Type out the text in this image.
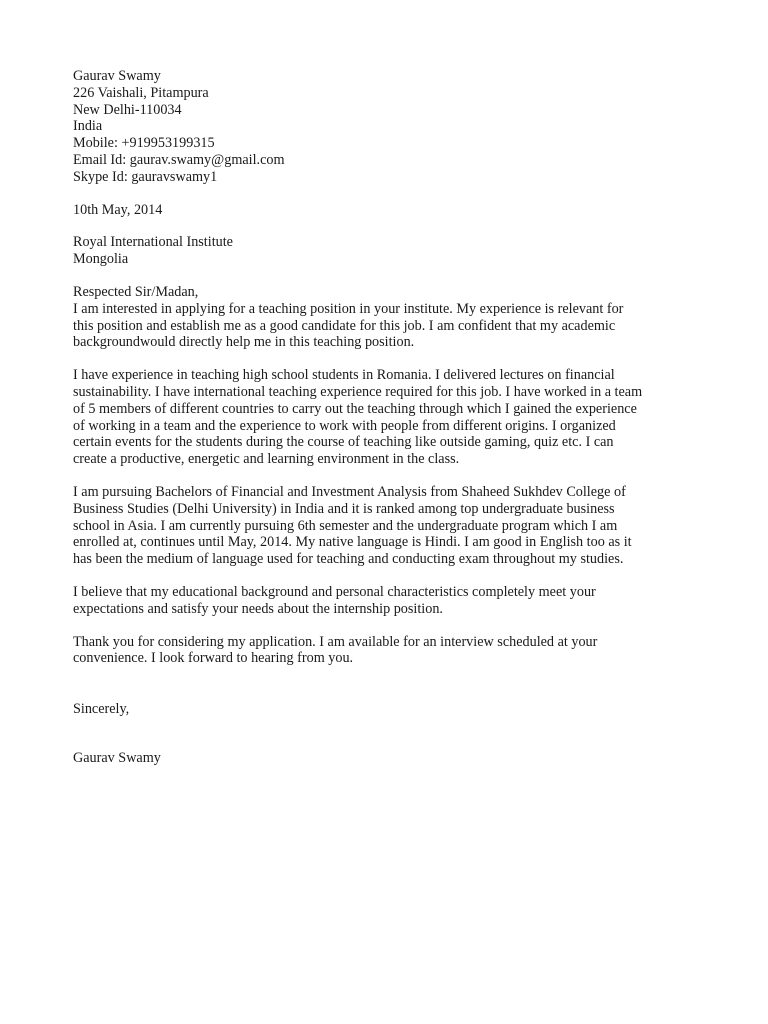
Gaurav Swamy
226 Vaishali, Pitampura
New Delhi-110034
India
Mobile: +919953199315
Email Id: gaurav.swamy@gmail.com
Skype Id: gauravswamy1
10th May, 2014
Royal International Institute
Mongolia
Respected Sir/Madan,
I am interested in applying for a teaching position in your institute. My experience is relevant for
this position and establish me as a good candidate for this job. I am confident that my academic
backgroundwould directly help me in this teaching position.
I have experience in teaching high school students in Romania. I delivered lectures on financial
sustainability. I have international teaching experience required for this job. I have worked in a team
of 5 members of different countries to carry out the teaching through which I gained the experience
of working in a team and the experience to work with people from different origins. I organized
certain events for the students during the course of teaching like outside gaming, quiz etc. I can
create a productive, energetic and learning environment in the class.
I am pursuing Bachelors of Financial and Investment Analysis from Shaheed Sukhdev College of
Business Studies (Delhi University) in India and it is ranked among top undergraduate business
school in Asia. I am currently pursuing 6th semester and the undergraduate program which I am
enrolled at, continues until May, 2014. My native language is Hindi. I am good in English too as it
has been the medium of language used for teaching and conducting exam throughout my studies.
I believe that my educational background and personal characteristics completely meet your
expectations and satisfy your needs about the internship position.
Thank you for considering my application. I am available for an interview scheduled at your
convenience. I look forward to hearing from you.
Sincerely,
Gaurav Swamy
